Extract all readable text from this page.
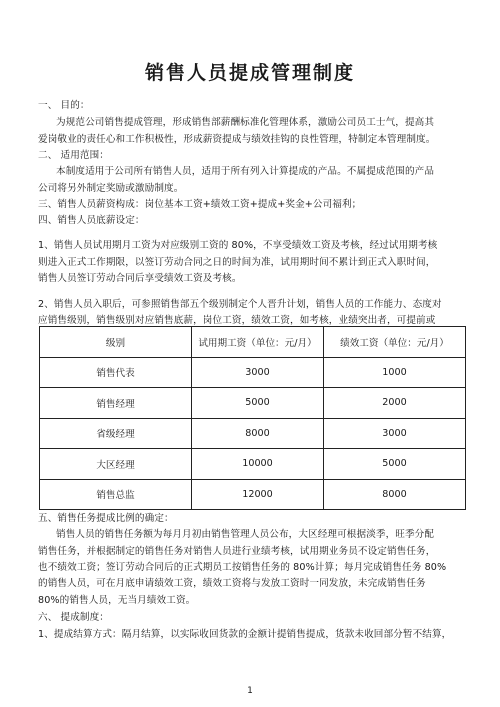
销售人员提成管理制度
一、 目的：
为规范公司销售提成管理，形成销售部薪酬标准化管理体系，激励公司员工士气，提高其
爱岗敬业的责任心和工作积极性，形成薪资提成与绩效挂钩的良性管理，特制定本管理制度。
二、 适用范围：
本制度适用于公司所有销售人员，适用于所有列入计算提成的产品。不属提成范围的产品
公司将另外制定奖励或激励制度。
三、销售人员薪资构成：岗位基本工资+绩效工资+提成+奖金+公司福利；
四、销售人员底薪设定：
1、销售人员试用期月工资为对应级别工资的 80%，不享受绩效工资及考核，经过试用期考核
则进入正式工作期限，以签订劳动合同之日的时间为准，试用期时间不累计到正式入职时间，
销售人员签订劳动合同后享受绩效工资及考核。
2、销售人员入职后，可参照销售部五个级别制定个人晋升计划，销售人员的工作能力、态度对
应销售级别，销售级别对应销售底薪，岗位工资，绩效工资，如考核，业绩突出者，可提前或
级别	试用期工资（单位：元/月）	绩效工资（单位：元/月）
销售代表	3000	1000
销售经理	5000	2000
省级经理	8000	3000
大区经理	10000	5000
销售总监	12000	8000
五、销售任务提成比例的确定：
销售人员的销售任务额为每月月初由销售管理人员公布，大区经理可根据淡季，旺季分配
销售任务，并根据制定的销售任务对销售人员进行业绩考核，试用期业务员不设定销售任务，
也不绩效工资；签订劳动合同后的正式期员工按销售任务的 80%计算；每月完成销售任务 80%
的销售人员，可在月底申请绩效工资，绩效工资将与发放工资时一同发放，未完成销售任务
80%的销售人员，无当月绩效工资。
六、 提成制度：
1、提成结算方式：隔月结算，以实际收回货款的金额计提销售提成，货款未收回部分暂不结算，
1
